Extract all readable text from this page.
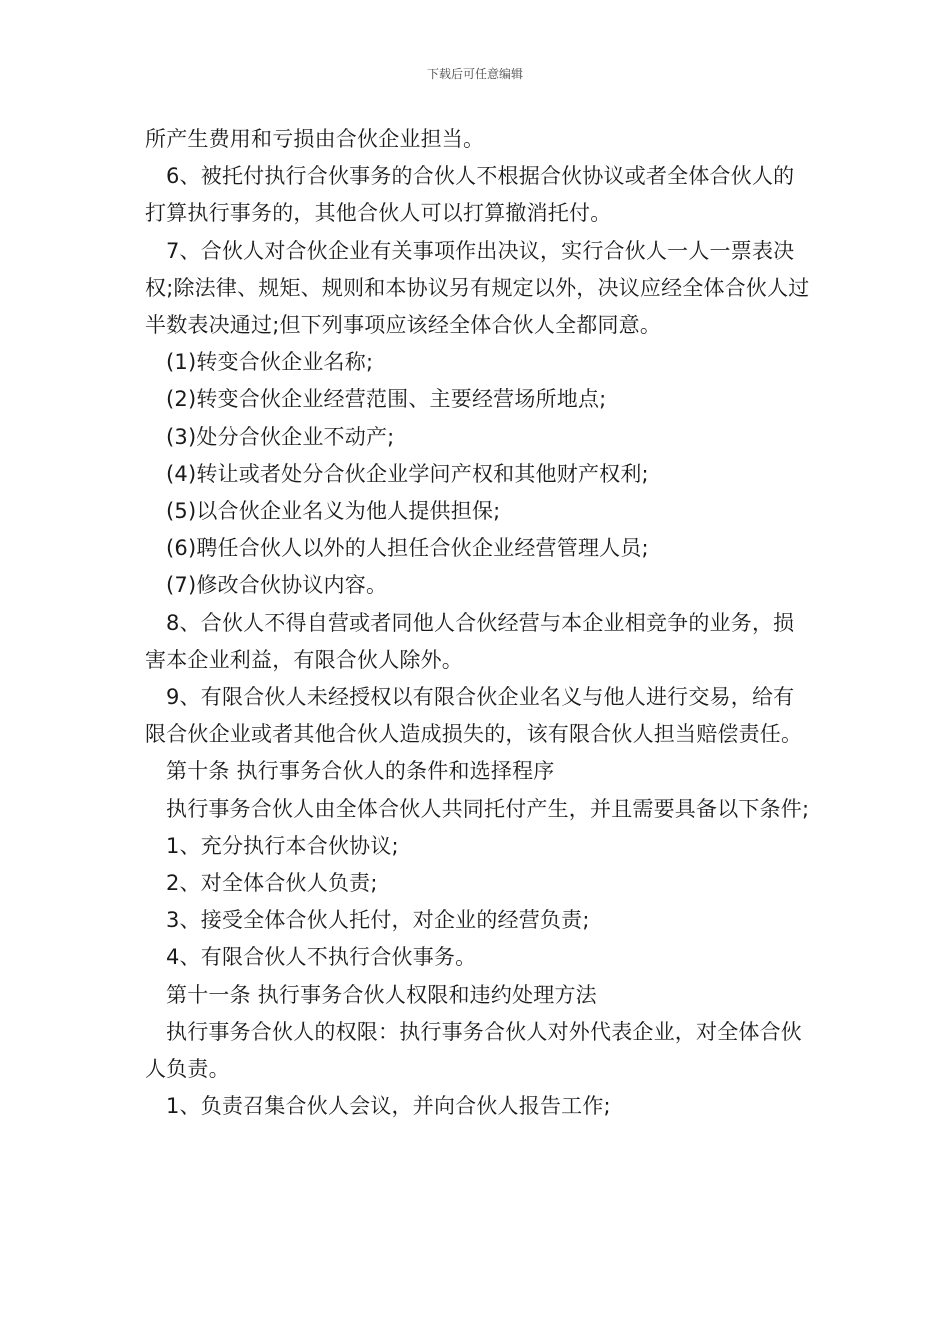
下载后可任意编辑

所产生费用和亏损由合伙企业担当。

6、被托付执行合伙事务的合伙人不根据合伙协议或者全体合伙人的打算执行事务的，其他合伙人可以打算撤消托付。

7、合伙人对合伙企业有关事项作出决议，实行合伙人一人一票表决权;除法律、规矩、规则和本协议另有规定以外，决议应经全体合伙人过半数表决通过;但下列事项应该经全体合伙人全都同意。

(1)转变合伙企业名称;

(2)转变合伙企业经营范围、主要经营场所地点;

(3)处分合伙企业不动产;

(4)转让或者处分合伙企业学问产权和其他财产权利;

(5)以合伙企业名义为他人提供担保;

(6)聘任合伙人以外的人担任合伙企业经营管理人员;

(7)修改合伙协议内容。

8、合伙人不得自营或者同他人合伙经营与本企业相竞争的业务，损害本企业利益，有限合伙人除外。

9、有限合伙人未经授权以有限合伙企业名义与他人进行交易，给有限合伙企业或者其他合伙人造成损失的，该有限合伙人担当赔偿责任。

第十条 执行事务合伙人的条件和选择程序

执行事务合伙人由全体合伙人共同托付产生，并且需要具备以下条件;

1、充分执行本合伙协议;

2、对全体合伙人负责;

3、接受全体合伙人托付，对企业的经营负责;

4、有限合伙人不执行合伙事务。

第十一条 执行事务合伙人权限和违约处理方法

执行事务合伙人的权限：执行事务合伙人对外代表企业，对全体合伙人负责。

1、负责召集合伙人会议，并向合伙人报告工作;
